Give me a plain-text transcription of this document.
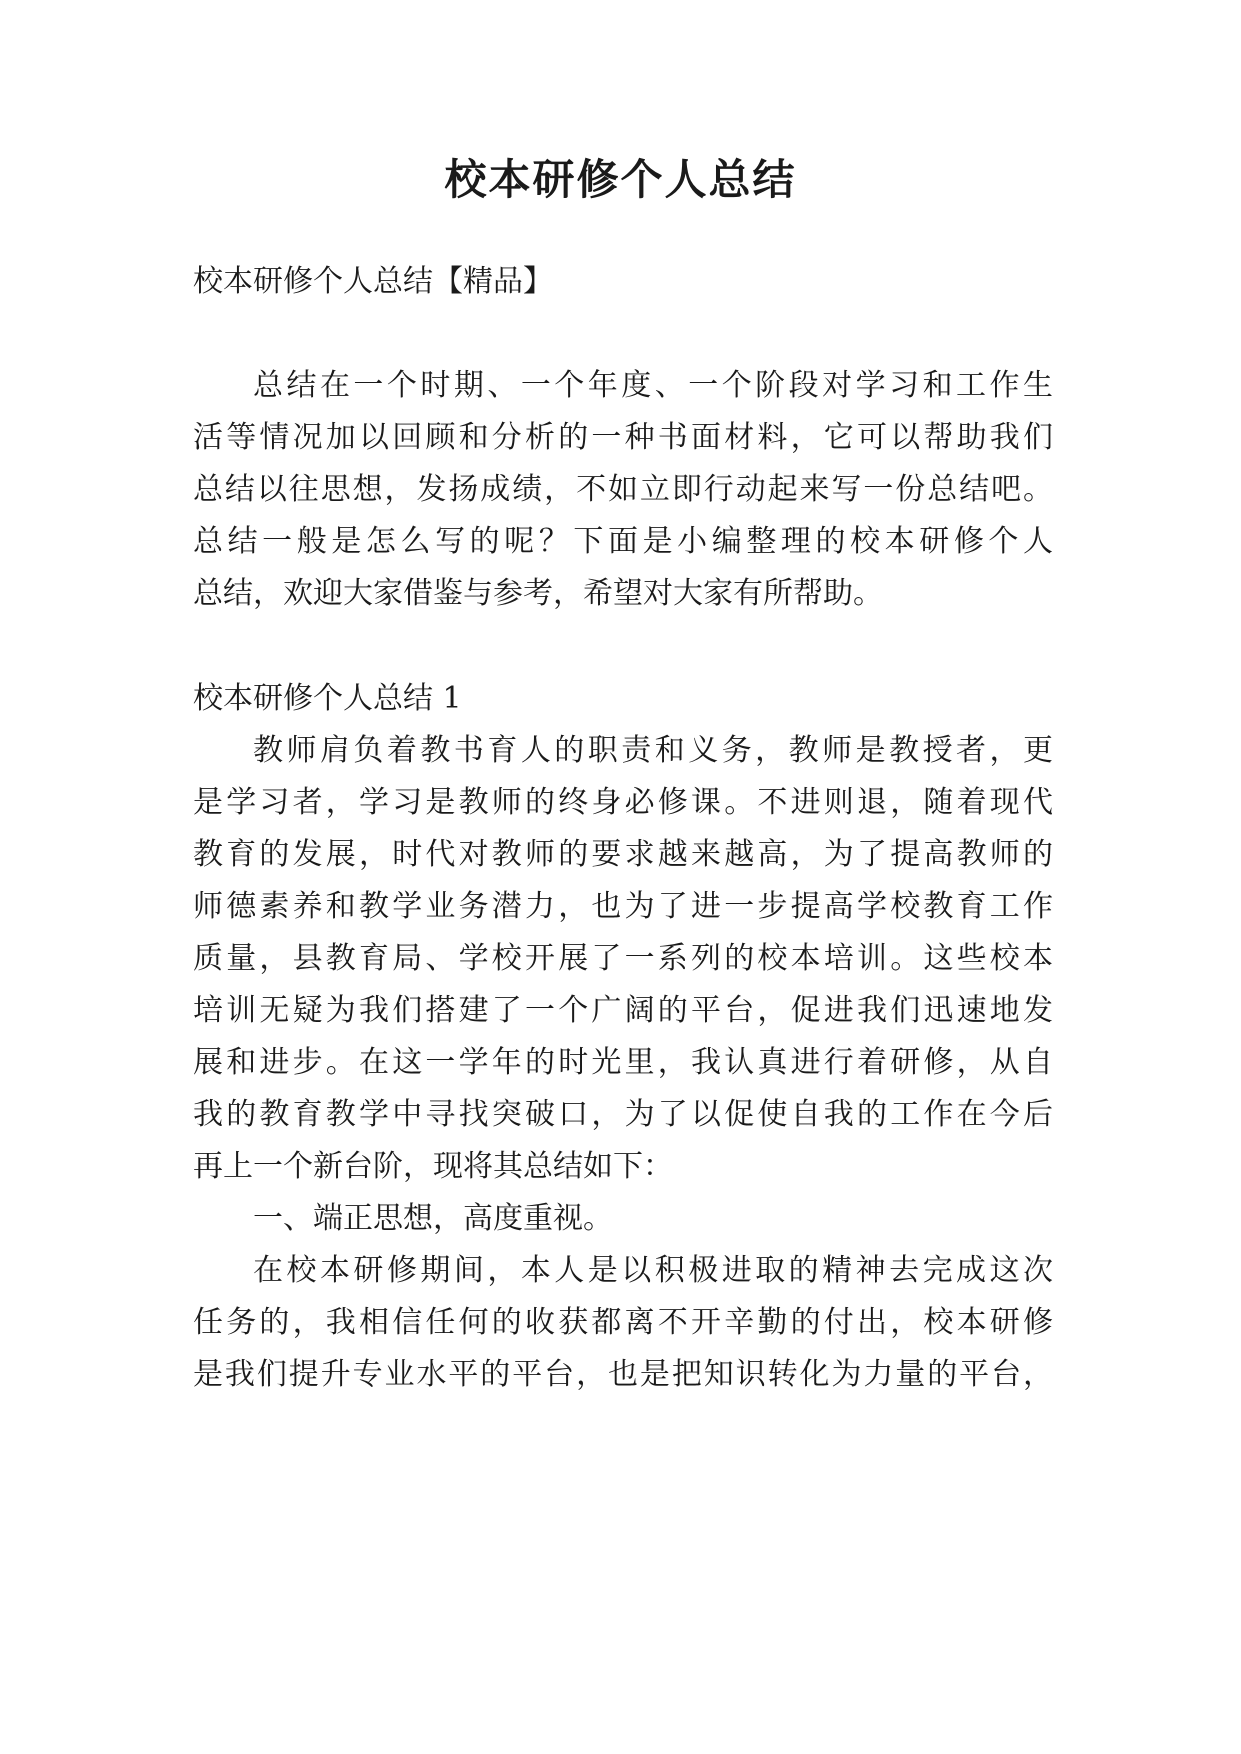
校本研修个人总结
校本研修个人总结【精品】
总结在一个时期、一个年度、一个阶段对学习和工作生
活等情况加以回顾和分析的一种书面材料，它可以帮助我们
总结以往思想，发扬成绩，不如立即行动起来写一份总结吧。
总结一般是怎么写的呢？下面是小编整理的校本研修个人
总结，欢迎大家借鉴与参考，希望对大家有所帮助。
校本研修个人总结 1
教师肩负着教书育人的职责和义务，教师是教授者，更
是学习者，学习是教师的终身必修课。不进则退，随着现代
教育的发展，时代对教师的要求越来越高，为了提高教师的
师德素养和教学业务潜力，也为了进一步提高学校教育工作
质量，县教育局、学校开展了一系列的校本培训。这些校本
培训无疑为我们搭建了一个广阔的平台，促进我们迅速地发
展和进步。在这一学年的时光里，我认真进行着研修，从自
我的教育教学中寻找突破口，为了以促使自我的工作在今后
再上一个新台阶，现将其总结如下：
一、端正思想，高度重视。
在校本研修期间，本人是以积极进取的精神去完成这次
任务的，我相信任何的收获都离不开辛勤的付出，校本研修
是我们提升专业水平的平台，也是把知识转化为力量的平台，
